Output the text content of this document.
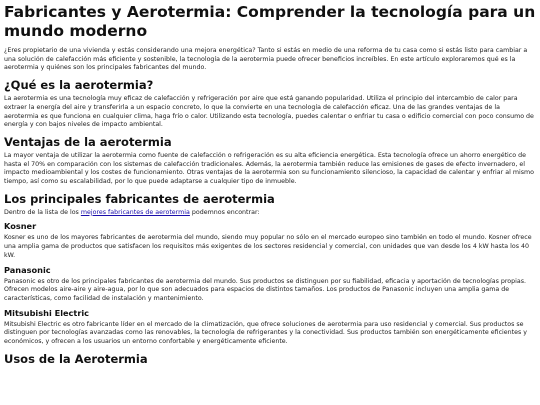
Fabricantes y Aerotermia: Comprender la tecnología para un mundo moderno

¿Eres propietario de una vivienda y estás considerando una mejora energética? Tanto si estás en medio de una reforma de tu casa como si estás listo para cambiar a una solución de calefacción más eficiente y sostenible, la tecnología de la aerotermia puede ofrecer beneficios increíbles. En este artículo exploraremos qué es la aerotermia y quiénes son los principales fabricantes del mundo.

¿Qué es la aerotermia?

La aerotermia es una tecnología muy eficaz de calefacción y refrigeración por aire que está ganando popularidad. Utiliza el principio del intercambio de calor para extraer la energía del aire y transferirla a un espacio concreto, lo que la convierte en una tecnología de calefacción eficaz. Una de las grandes ventajas de la aerotermia es que funciona en cualquier clima, haga frío o calor. Utilizando esta tecnología, puedes calentar o enfriar tu casa o edificio comercial con poco consumo de energía y con bajos niveles de impacto ambiental.

Ventajas de la aerotermia

La mayor ventaja de utilizar la aerotermia como fuente de calefacción o refrigeración es su alta eficiencia energética. Esta tecnología ofrece un ahorro energético de hasta el 70% en comparación con los sistemas de calefacción tradicionales. Además, la aerotermia también reduce las emisiones de gases de efecto invernadero, el impacto medioambiental y los costes de funcionamiento. Otras ventajas de la aerotermia son su funcionamiento silencioso, la capacidad de calentar y enfriar al mismo tiempo, así como su escalabilidad, por lo que puede adaptarse a cualquier tipo de inmueble.

Los principales fabricantes de aerotermia

Dentro de la lista de los mejores fabricantes de aerotermia podemnos encontrar:

Kosner

Kosner es uno de los mayores fabricantes de aerotermia del mundo, siendo muy popular no sólo en el mercado europeo sino también en todo el mundo. Kosner ofrece una amplia gama de productos que satisfacen los requisitos más exigentes de los sectores residencial y comercial, con unidades que van desde los 4 kW hasta los 40 kW.

Panasonic

Panasonic es otro de los principales fabricantes de aerotermia del mundo. Sus productos se distinguen por su fiabilidad, eficacia y aportación de tecnologías propias. Ofrecen modelos aire-aire y aire-agua, por lo que son adecuados para espacios de distintos tamaños. Los productos de Panasonic incluyen una amplia gama de características, como facilidad de instalación y mantenimiento.

Mitsubishi Electric

Mitsubishi Electric es otro fabricante líder en el mercado de la climatización, que ofrece soluciones de aerotermia para uso residencial y comercial. Sus productos se distinguen por tecnologías avanzadas como las renovables, la tecnología de refrigerantes y la conectividad. Sus productos también son energéticamente eficientes y económicos, y ofrecen a los usuarios un entorno confortable y energéticamente eficiente.

Usos de la Aerotermia
